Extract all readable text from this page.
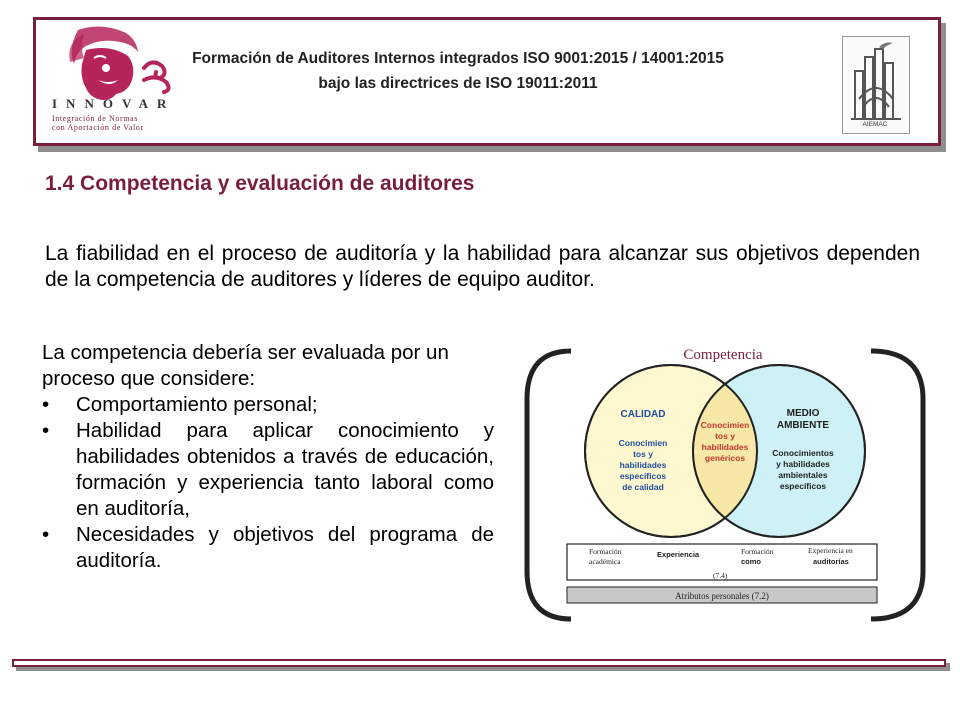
INNOVAR
Integración de Normas
con Aportación de Valor
Formación de Auditores Internos integrados ISO 9001:2015 / 14001:2015 bajo las directrices de ISO 19011:2011
AIEMAC
1.4 Competencia y evaluación de auditores
La fiabilidad en el proceso de auditoría y la habilidad para alcanzar sus objetivos dependen de la competencia de auditores y líderes de equipo auditor.
La competencia debería ser evaluada por un proceso que considere:
• Comportamiento personal;
• Habilidad para aplicar conocimiento y habilidades obtenidos a través de educación, formación y experiencia tanto laboral como en auditoría,
• Necesidades y objetivos del programa de auditoría.
Competencia
CALIDAD
Conocimien
tos y
habilidades
específicos
de calidad
Conocimien
tos y
habilidades
genéricos
MEDIO
AMBIENTE
Conocimientos
y habilidades
ambientales
específicos
Formación
académica
Experiencia	Formación
como
Experiencia en
auditorías
(7.4)
Atributos personales (7.2)
